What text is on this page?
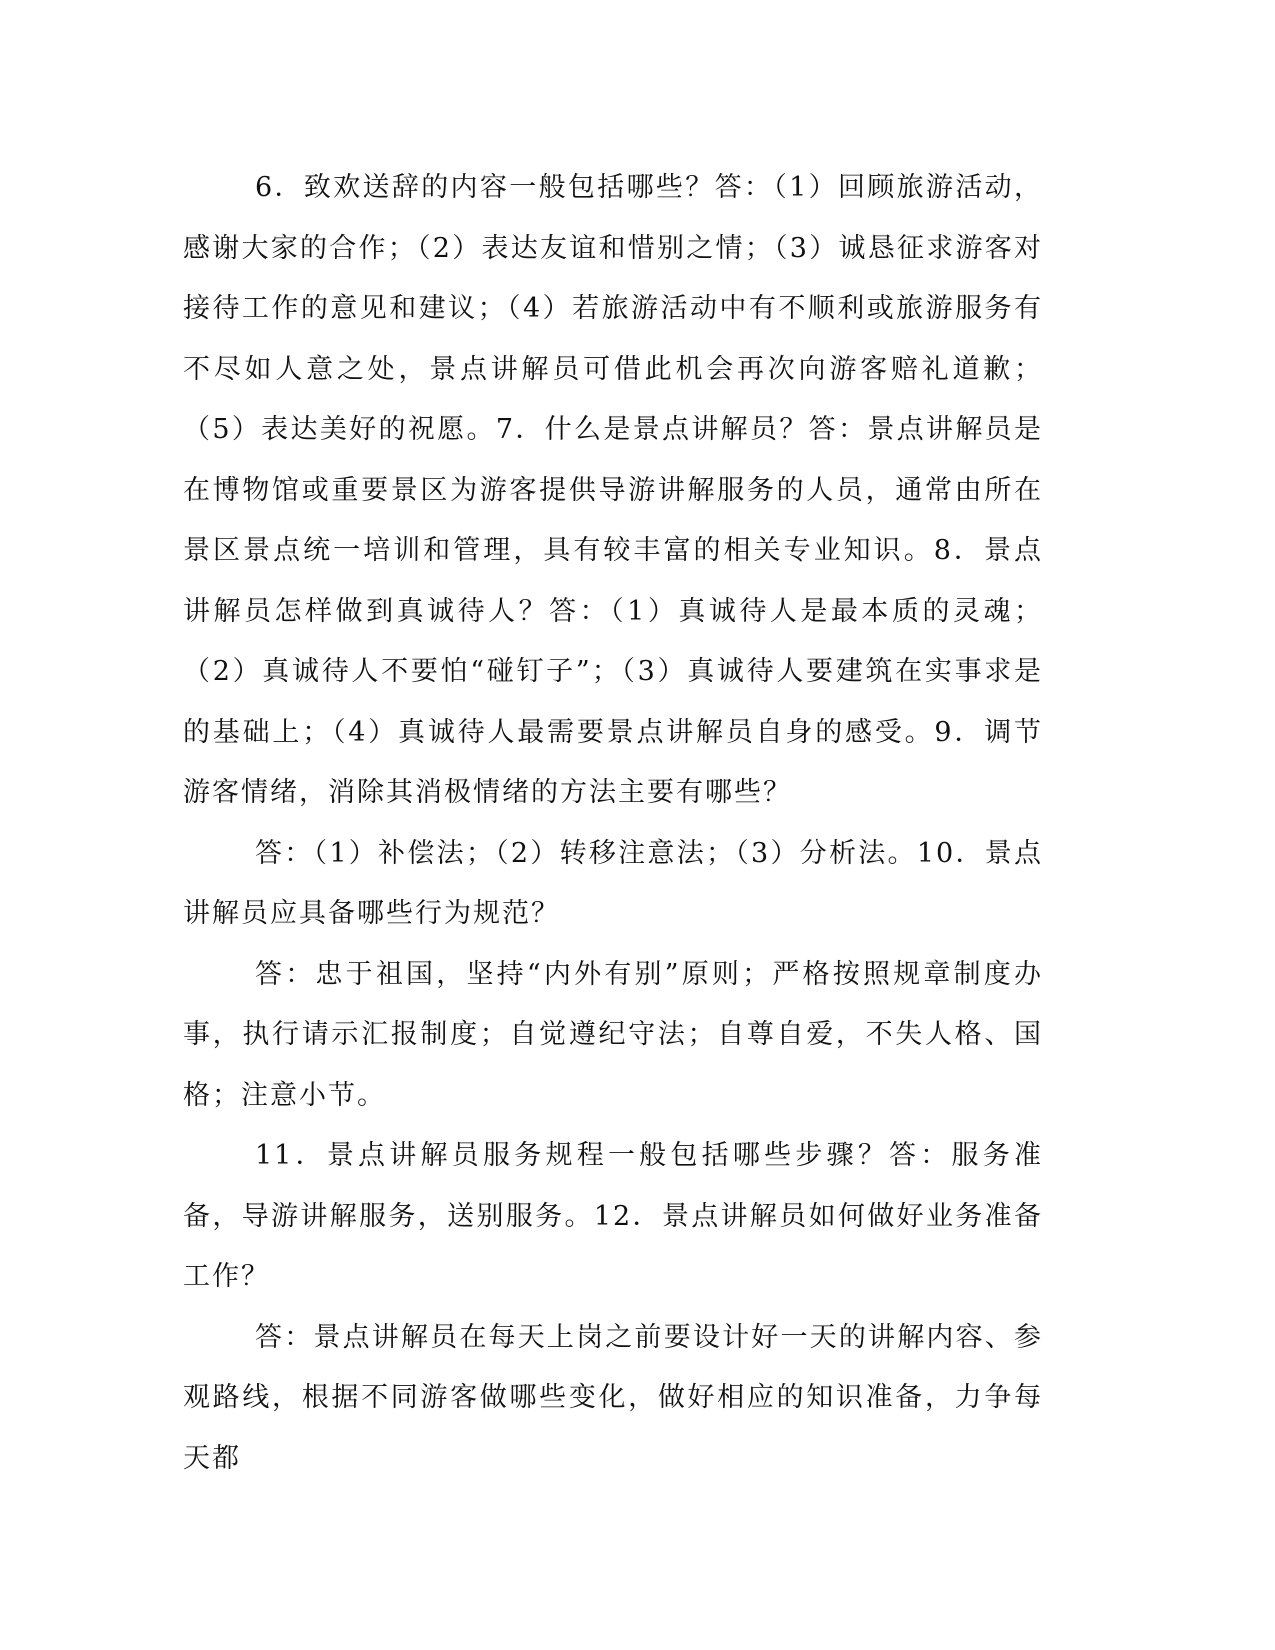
6．致欢送辞的内容一般包括哪些？答：（1）回顾旅游活动，感谢大家的合作；（2）表达友谊和惜别之情；（3）诚恳征求游客对接待工作的意见和建议；（4）若旅游活动中有不顺利或旅游服务有不尽如人意之处，景点讲解员可借此机会再次向游客赔礼道歉；（5）表达美好的祝愿。7．什么是景点讲解员？答：景点讲解员是在博物馆或重要景区为游客提供导游讲解服务的人员，通常由所在景区景点统一培训和管理，具有较丰富的相关专业知识。8．景点讲解员怎样做到真诚待人？答：（1）真诚待人是最本质的灵魂；（2）真诚待人不要怕“碰钉子”；（3）真诚待人要建筑在实事求是的基础上；（4）真诚待人最需要景点讲解员自身的感受。9．调节游客情绪，消除其消极情绪的方法主要有哪些？

答：（1）补偿法；（2）转移注意法；（3）分析法。10．景点讲解员应具备哪些行为规范？

答：忠于祖国，坚持“内外有别”原则；严格按照规章制度办事，执行请示汇报制度；自觉遵纪守法；自尊自爱，不失人格、国格；注意小节。

11．景点讲解员服务规程一般包括哪些步骤？答：服务准备，导游讲解服务，送别服务。12．景点讲解员如何做好业务准备工作？

答：景点讲解员在每天上岗之前要设计好一天的讲解内容、参观路线，根据不同游客做哪些变化，做好相应的知识准备，力争每天都
